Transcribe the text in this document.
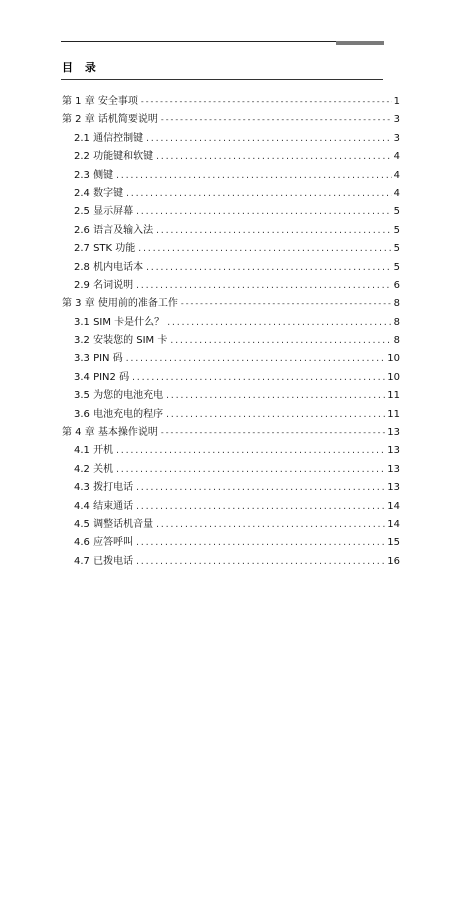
目 录
第 1 章 安全事项 -----	1
第 2 章 话机简要说明 -----	3
2.1 通信控制键 .....	3
2.2 功能键和软键 .....	4
2.3 侧键 .....	4
2.4 数字键 .....	4
2.5 显示屏幕 .....	5
2.6 语言及输入法 .....	5
2.7 STK 功能 .....	5
2.8 机内电话本 .....	5
2.9 名词说明 .....	6
第 3 章 使用前的准备工作 -----	8
3.1 SIM 卡是什么？ .....	8
3.2 安装您的 SIM 卡 .....	8
3.3 PIN 码 .....	10
3.4 PIN2 码 .....	10
3.5 为您的电池充电 .....	11
3.6 电池充电的程序 .....	11
第 4 章 基本操作说明 -----	13
4.1 开机 .....	13
4.2 关机 .....	13
4.3 拨打电话 .....	13
4.4 结束通话 .....	14
4.5 调整话机音量 .....	14
4.6 应答呼叫 .....	15
4.7 已拨电话 .....	16
